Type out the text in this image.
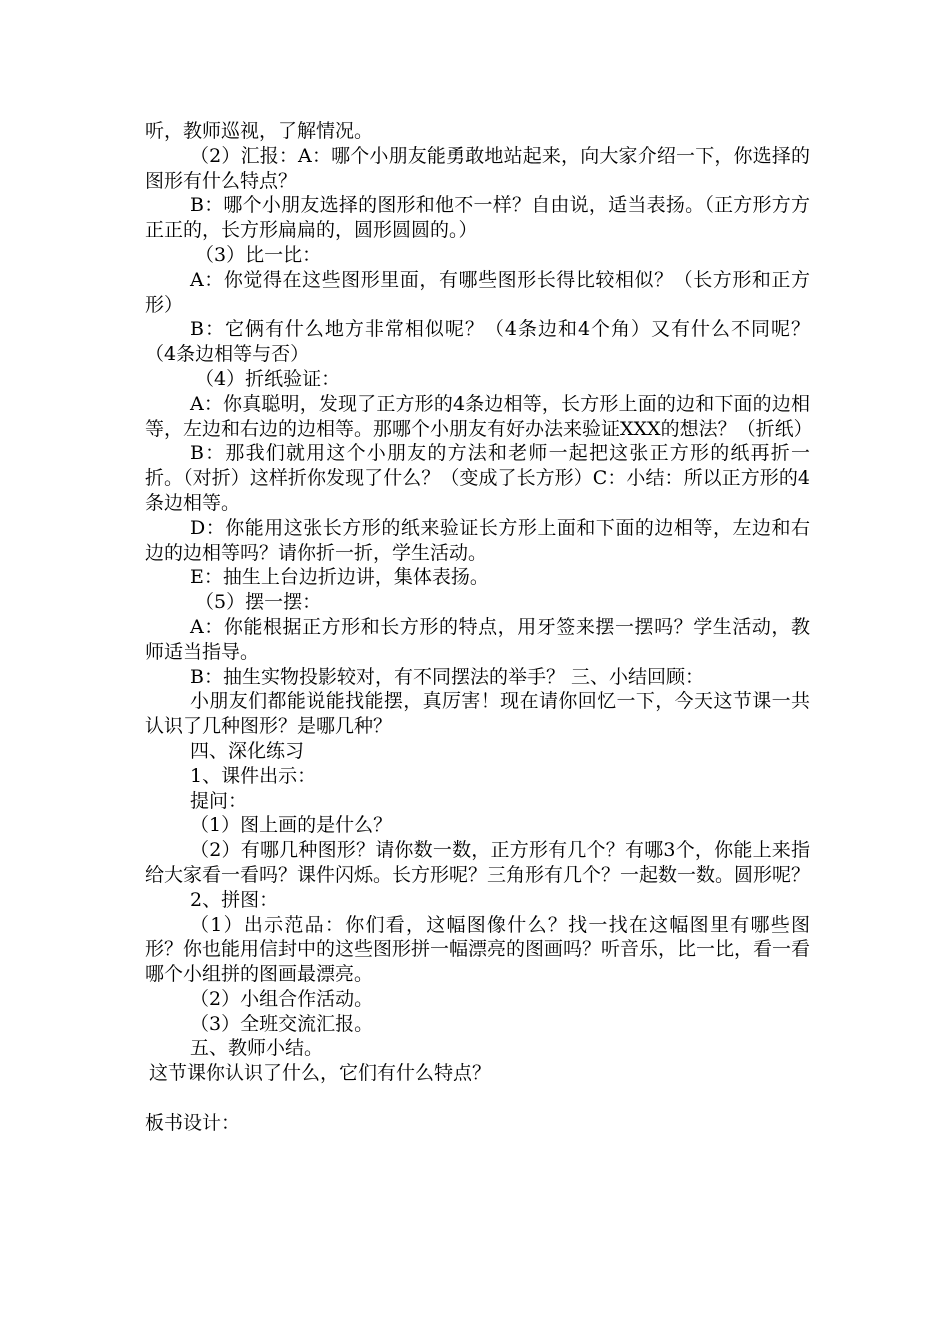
听，教师巡视，了解情况。

（2）汇报：A：哪个小朋友能勇敢地站起来，向大家介绍一下，你选择的图形有什么特点？

B：哪个小朋友选择的图形和他不一样？自由说，适当表扬。（正方形方方正正的，长方形扁扁的，圆形圆圆的。）

（3）比一比：

A：你觉得在这些图形里面，有哪些图形长得比较相似？（长方形和正方形）

B：它俩有什么地方非常相似呢？（4条边和4个角）又有什么不同呢？（4条边相等与否）

（4）折纸验证：

A：你真聪明，发现了正方形的4条边相等，长方形上面的边和下面的边相等，左边和右边的边相等。那哪个小朋友有好办法来验证XXX的想法？（折纸）

B：那我们就用这个小朋友的方法和老师一起把这张正方形的纸再折一折。（对折）这样折你发现了什么？（变成了长方形）C：小结：所以正方形的4条边相等。

D：你能用这张长方形的纸来验证长方形上面和下面的边相等，左边和右边的边相等吗？请你折一折，学生活动。

E：抽生上台边折边讲，集体表扬。

（5）摆一摆：

A：你能根据正方形和长方形的特点，用牙签来摆一摆吗？学生活动，教师适当指导。

B：抽生实物投影较对，有不同摆法的举手？ 三、小结回顾：

小朋友们都能说能找能摆，真厉害！现在请你回忆一下，今天这节课一共认识了几种图形？是哪几种？

四、深化练习

1、课件出示：

提问：

（1）图上画的是什么？

（2）有哪几种图形？请你数一数，正方形有几个？有哪3个，你能上来指给大家看一看吗？课件闪烁。长方形呢？三角形有几个？一起数一数。圆形呢？

2、拼图：

（1）出示范品：你们看，这幅图像什么？找一找在这幅图里有哪些图形？你也能用信封中的这些图形拼一幅漂亮的图画吗？听音乐，比一比，看一看哪个小组拼的图画最漂亮。

（2）小组合作活动。

（3）全班交流汇报。

五、教师小结。

这节课你认识了什么，它们有什么特点？

板书设计：
